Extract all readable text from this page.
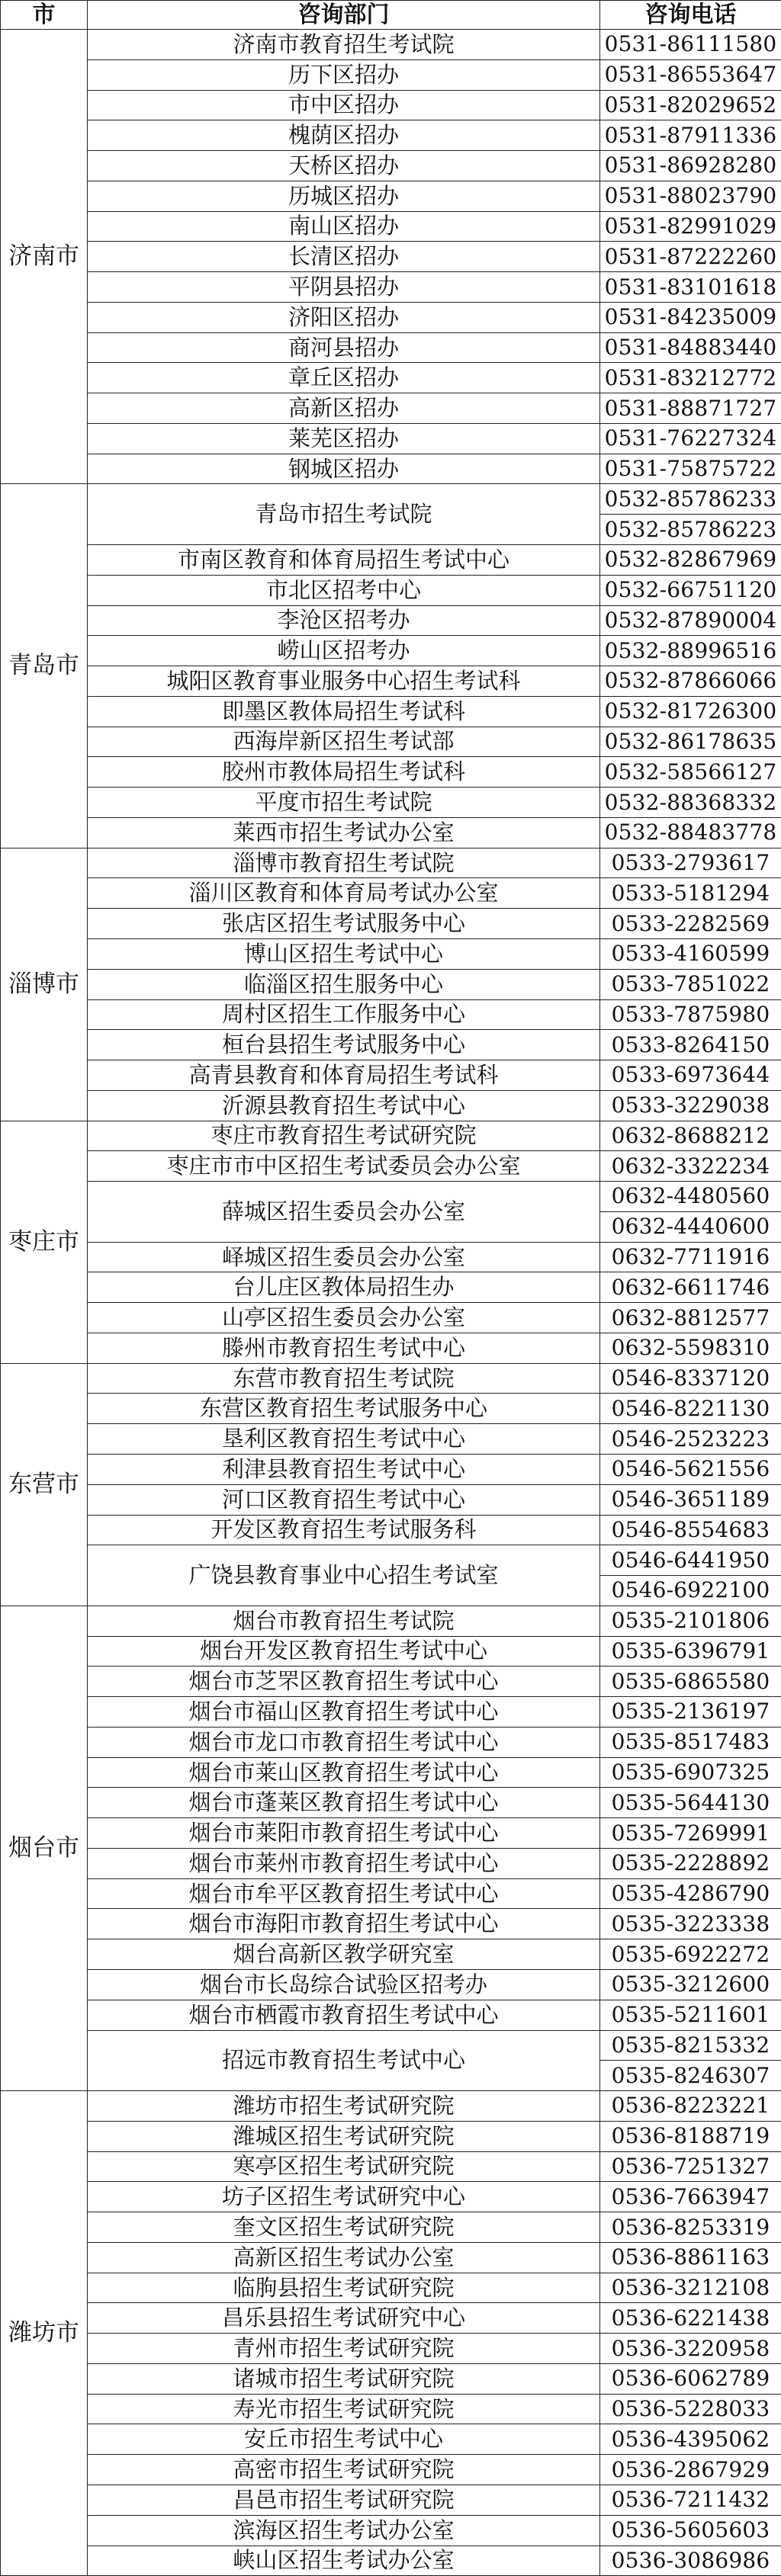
市	咨询部门	咨询电话
济南市	济南市教育招生考试院	0531-86111580
	历下区招办	0531-86553647
	市中区招办	0531-82029652
	槐荫区招办	0531-87911336
	天桥区招办	0531-86928280
	历城区招办	0531-88023790
	南山区招办	0531-82991029
	长清区招办	0531-87222260
	平阴县招办	0531-83101618
	济阳区招办	0531-84235009
	商河县招办	0531-84883440
	章丘区招办	0531-83212772
	高新区招办	0531-88871727
	莱芜区招办	0531-76227324
	钢城区招办	0531-75875722
青岛市	青岛市招生考试院	0532-85786233
		0532-85786223
	市南区教育和体育局招生考试中心	0532-82867969
	市北区招考中心	0532-66751120
	李沧区招考办	0532-87890004
	崂山区招考办	0532-88996516
	城阳区教育事业服务中心招生考试科	0532-87866066
	即墨区教体局招生考试科	0532-81726300
	西海岸新区招生考试部	0532-86178635
	胶州市教体局招生考试科	0532-58566127
	平度市招生考试院	0532-88368332
	莱西市招生考试办公室	0532-88483778
淄博市	淄博市教育招生考试院	0533-2793617
	淄川区教育和体育局考试办公室	0533-5181294
	张店区招生考试服务中心	0533-2282569
	博山区招生考试中心	0533-4160599
	临淄区招生服务中心	0533-7851022
	周村区招生工作服务中心	0533-7875980
	桓台县招生考试服务中心	0533-8264150
	高青县教育和体育局招生考试科	0533-6973644
	沂源县教育招生考试中心	0533-3229038
枣庄市	枣庄市教育招生考试研究院	0632-8688212
	枣庄市市中区招生考试委员会办公室	0632-3322234
	薛城区招生委员会办公室	0632-4480560
		0632-4440600
	峄城区招生委员会办公室	0632-7711916
	台儿庄区教体局招生办	0632-6611746
	山亭区招生委员会办公室	0632-8812577
	滕州市教育招生考试中心	0632-5598310
东营市	东营市教育招生考试院	0546-8337120
	东营区教育招生考试服务中心	0546-8221130
	垦利区教育招生考试中心	0546-2523223
	利津县教育招生考试中心	0546-5621556
	河口区教育招生考试中心	0546-3651189
	开发区教育招生考试服务科	0546-8554683
	广饶县教育事业中心招生考试室	0546-6441950
		0546-6922100
烟台市	烟台市教育招生考试院	0535-2101806
	烟台开发区教育招生考试中心	0535-6396791
	烟台市芝罘区教育招生考试中心	0535-6865580
	烟台市福山区教育招生考试中心	0535-2136197
	烟台市龙口市教育招生考试中心	0535-8517483
	烟台市莱山区教育招生考试中心	0535-6907325
	烟台市蓬莱区教育招生考试中心	0535-5644130
	烟台市莱阳市教育招生考试中心	0535-7269991
	烟台市莱州市教育招生考试中心	0535-2228892
	烟台市牟平区教育招生考试中心	0535-4286790
	烟台市海阳市教育招生考试中心	0535-3223338
	烟台高新区教学研究室	0535-6922272
	烟台市长岛综合试验区招考办	0535-3212600
	烟台市栖霞市教育招生考试中心	0535-5211601
	招远市教育招生考试中心	0535-8215332
		0535-8246307
潍坊市	潍坊市招生考试研究院	0536-8223221
	潍城区招生考试研究院	0536-8188719
	寒亭区招生考试研究院	0536-7251327
	坊子区招生考试研究中心	0536-7663947
	奎文区招生考试研究院	0536-8253319
	高新区招生考试办公室	0536-8861163
	临朐县招生考试研究院	0536-3212108
	昌乐县招生考试研究中心	0536-6221438
	青州市招生考试研究院	0536-3220958
	诸城市招生考试研究院	0536-6062789
	寿光市招生考试研究院	0536-5228033
	安丘市招生考试中心	0536-4395062
	高密市招生考试研究院	0536-2867929
	昌邑市招生考试研究院	0536-7211432
	滨海区招生考试办公室	0536-5605603
	峡山区招生考试办公室	0536-3086986
